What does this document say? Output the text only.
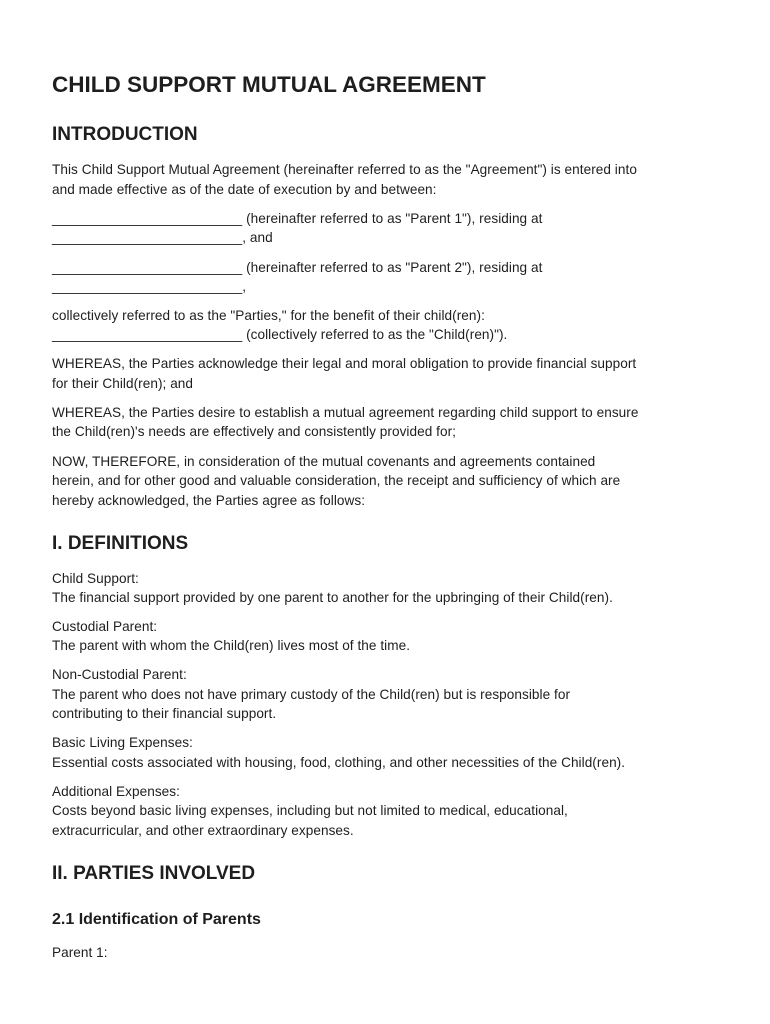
CHILD SUPPORT MUTUAL AGREEMENT
INTRODUCTION

This Child Support Mutual Agreement (hereinafter referred to as the "Agreement") is entered into

and made effective as of the date of execution by and between:

_________________________ (hereinafter referred to as "Parent 1"), residing at

_________________________, and

_________________________ (hereinafter referred to as "Parent 2"), residing at

_________________________,

collectively referred to as the "Parties," for the benefit of their child(ren):

_________________________ (collectively referred to as the "Child(ren)").

WHEREAS, the Parties acknowledge their legal and moral obligation to provide financial support

for their Child(ren); and

WHEREAS, the Parties desire to establish a mutual agreement regarding child support to ensure

the Child(ren)'s needs are effectively and consistently provided for;

NOW, THEREFORE, in consideration of the mutual covenants and agreements contained

herein, and for other good and valuable consideration, the receipt and sufficiency of which are

hereby acknowledged, the Parties agree as follows:

I. DEFINITIONS

Child Support:

The financial support provided by one parent to another for the upbringing of their Child(ren).

Custodial Parent:

The parent with whom the Child(ren) lives most of the time.

Non-Custodial Parent:

The parent who does not have primary custody of the Child(ren) but is responsible for

contributing to their financial support.

Basic Living Expenses:

Essential costs associated with housing, food, clothing, and other necessities of the Child(ren).

Additional Expenses:

Costs beyond basic living expenses, including but not limited to medical, educational,

extracurricular, and other extraordinary expenses.

II. PARTIES INVOLVED
2.1 Identification of Parents

Parent 1:
